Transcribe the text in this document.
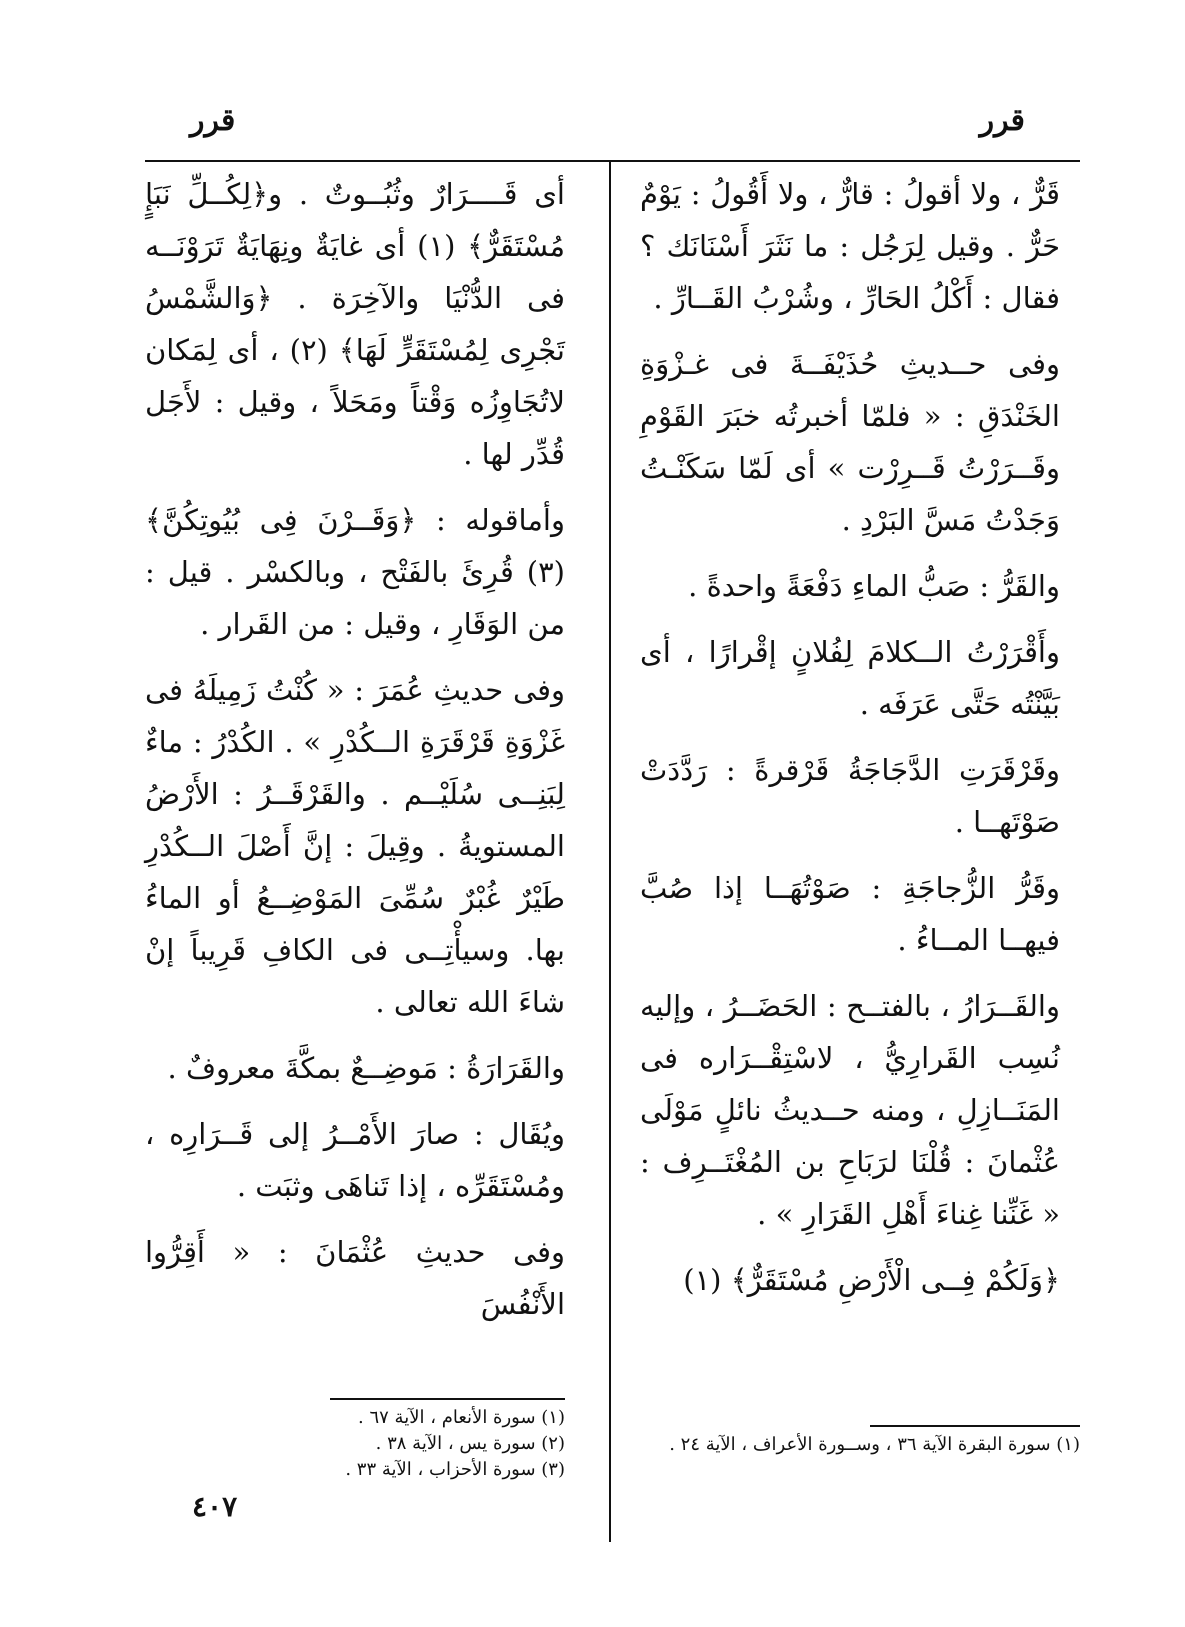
قرر
قرر

قَرٌّ ، ولا أقولُ : قارٌّ ، ولا أَقُولُ : يَوْمٌ حَرٌّ . وقيل لِرَجُل : ما نَثَرَ أَسْنَانَك ؟ فقال : أَكْلُ الحَارِّ ، وشُرْبُ القَــارِّ .

وفى حــديثِ حُذَيْفَــةَ فى غـزْوَةِ الخَنْدَقِ : « فلمّا أخبرتُه خبَرَ القَوْمِ وقَــرَرْتُ قَــرِرْت » أى لَمّا سَكَنْـتُ وَجَدْتُ مَسَّ البَرْدِ .

والقَرُّ : صَبُّ الماءِ دَفْعَةً واحدةً .

وأَقْرَرْتُ الــكلامَ لِفُلانٍ إقْرارًا ، أى بَيَّنْتُه حَتَّى عَرَفَه .

وقَرْقَرَتِ الدَّجَاجَةُ قَرْقرةً : رَدَّدَتْ صَوْتَهــا .

وقَرُّ الزُّجاجَةِ : صَوْتُهَــا إذا صُبَّ فيهــا المــاءُ .

والقَــرَارُ ، بالفتــح : الحَضَــرُ ، وإليه نُسِب القَرارِيُّ ، لاسْتِقْــرَاره فى المَنَــازِلِ ، ومنه حــديثُ نائلٍ مَوْلَى عُثْمانَ : قُلْنَا لرَبَاحِ بن المُغْتَــرِف : « غَنِّنا غِناءَ أَهْلِ القَرَارِ » .

﴿وَلَكُمْ فِــى الْأَرْضِ مُسْتَقَرٌّ﴾ (١)

أى قَــــرَارٌ وثُبُــوتٌ . و﴿لِكُــلِّ نَبَإٍ مُسْتَقَرٌّ﴾ (١) أى غايَةٌ ونِهَايَةٌ تَرَوْنَــه فى الدُّنْيَا والآخِرَة . ﴿وَالشَّمْسُ تَجْرِى لِمُسْتَقَرٍّ لَهَا﴾ (٢) ، أى لِمَكان لاتُجَاوِزُه وَقْتاً ومَحَلاً ، وقيل : لأَجَل قُدِّر لها .

وأماقوله : ﴿وَقَــرْنَ فِى بُيُوتِكُنَّ﴾ (٣) قُرِئَ بالفَتْح ، وبالكسْر . قيل : من الوَقَارِ ، وقيل : من القَرار .

وفى حديثِ عُمَرَ : « كُنْتُ زَمِيلَهُ فى غَزْوَةِ قَرْقَرَةِ الــكُدْرِ » . الكُدْرُ : ماءٌ لِبَنِــى سُلَيْــم . والقَرْقَــرُ : الأَرْضُ المستويةُ . وقِيلَ : إنَّ أَصْلَ الــكُدْرِ طَيْرٌ غُبْرٌ سُمِّىَ المَوْضِــعُ أو الماءُ بها. وسيأْتِــى فى الكافِ قَرِيباً إنْ شاءَ الله تعالى .

والقَرَارَةُ : مَوضِــعٌ بمكَّةَ معروفٌ .

ويُقَال : صارَ الأَمْــرُ إلى قَــرَارِه ، ومُسْتَقَرِّه ، إذا تَناهَى وثبَت .

وفى حديثِ عُثْمَانَ : « أَقِرُّوا الأَنْفُسَ

(١) سورة البقرة الآية ٣٦ ، وســورة الأعراف ، الآية ٢٤ .

(١) سورة الأنعام ، الآية ٦٧ .

(٢) سورة يس ، الآية ٣٨ .

(٣) سورة الأحزاب ، الآية ٣٣ .

٤٠٧
